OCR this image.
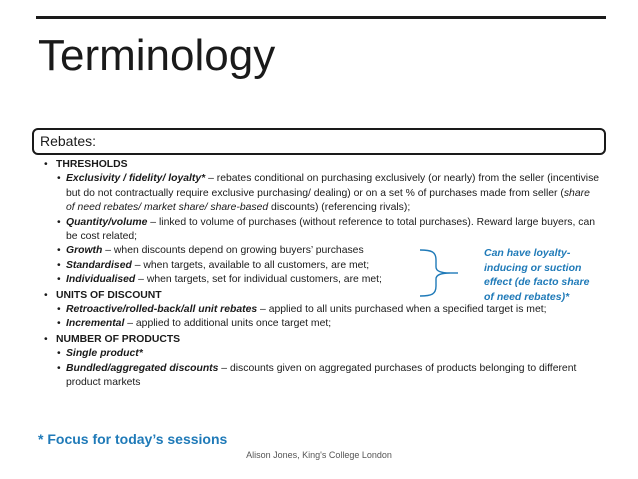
Terminology
Rebates:
• THRESHOLDS
• Exclusivity / fidelity/ loyalty* – rebates conditional on purchasing exclusively (or nearly) from the seller (incentivise but do not contractually require exclusive purchasing/ dealing) or on a set % of purchases made from seller (share of need rebates/ market share/ share-based discounts) (referencing rivals);
• Quantity/volume – linked to volume of purchases (without reference to total purchases). Reward large buyers, can be cost related;
• Growth – when discounts depend on growing buyers’ purchases
• Standardised – when targets, available to all customers, are met;
• Individualised – when targets, set for individual customers, are met;
• UNITS OF DISCOUNT
• Retroactive/rolled-back/all unit rebates – applied to all units purchased when a specified target is met;
• Incremental – applied to additional units once target met;
• NUMBER OF PRODUCTS
• Single product*
• Bundled/aggregated discounts – discounts given on aggregated purchases of products belonging to different product markets
Can have loyalty-inducing or suction effect (de facto share of need rebates)*
* Focus for today’s sessions
Alison Jones, King's College London
